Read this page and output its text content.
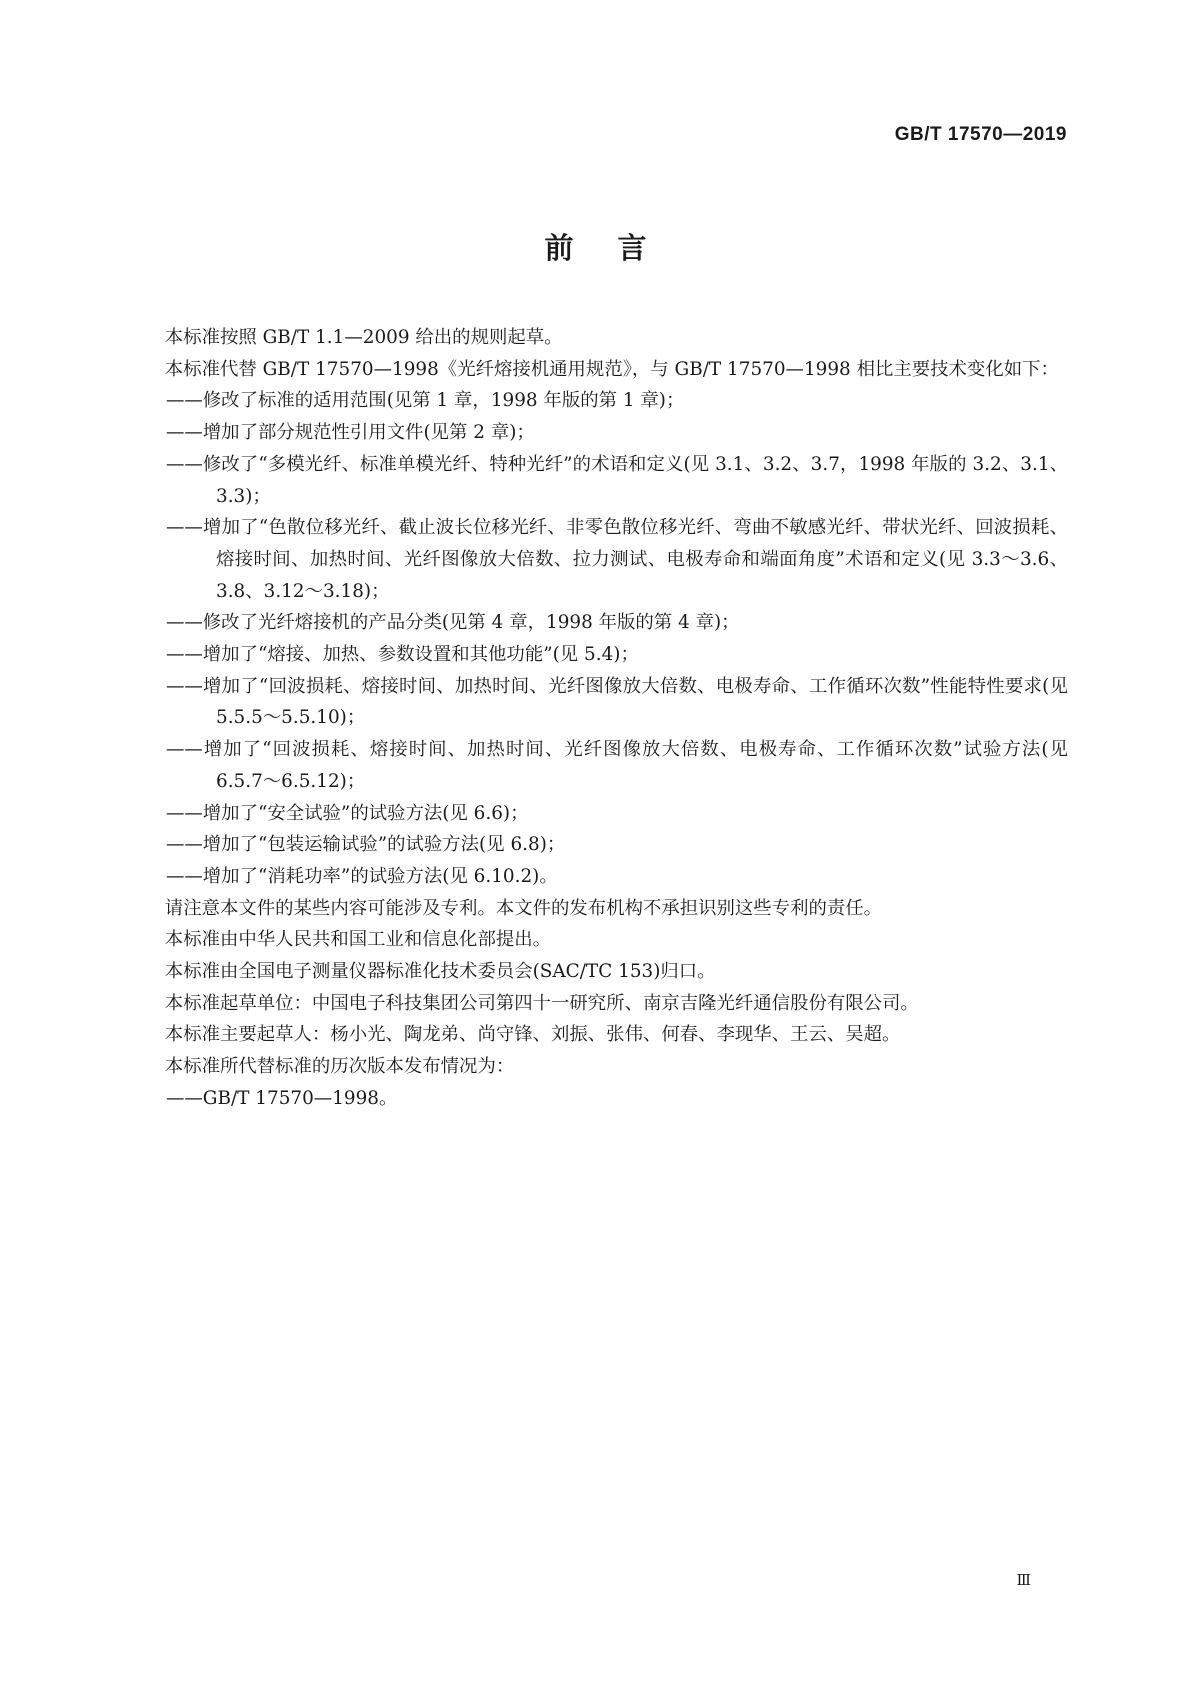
GB/T 17570—2019
前言

本标准按照 GB/T 1.1—2009 给出的规则起草。

本标准代替 GB/T 17570—1998《光纤熔接机通用规范》，与 GB/T 17570—1998 相比主要技术变化如下：

——修改了标准的适用范围(见第 1 章，1998 年版的第 1 章)；

——增加了部分规范性引用文件(见第 2 章)；

——修改了“多模光纤、标准单模光纤、特种光纤”的术语和定义(见 3.1、3.2、3.7，1998 年版的 3.2、3.1、3.3)；

——增加了“色散位移光纤、截止波长位移光纤、非零色散位移光纤、弯曲不敏感光纤、带状光纤、回波损耗、熔接时间、加热时间、光纤图像放大倍数、拉力测试、电极寿命和端面角度”术语和定义(见 3.3～3.6、3.8、3.12～3.18)；

——修改了光纤熔接机的产品分类(见第 4 章，1998 年版的第 4 章)；

——增加了“熔接、加热、参数设置和其他功能”(见 5.4)；

——增加了“回波损耗、熔接时间、加热时间、光纤图像放大倍数、电极寿命、工作循环次数”性能特性要求(见 5.5.5～5.5.10)；

——增加了“回波损耗、熔接时间、加热时间、光纤图像放大倍数、电极寿命、工作循环次数”试验方法(见 6.5.7～6.5.12)；

——增加了“安全试验”的试验方法(见 6.6)；

——增加了“包装运输试验”的试验方法(见 6.8)；

——增加了“消耗功率”的试验方法(见 6.10.2)。

请注意本文件的某些内容可能涉及专利。本文件的发布机构不承担识别这些专利的责任。

本标准由中华人民共和国工业和信息化部提出。

本标准由全国电子测量仪器标准化技术委员会(SAC/TC 153)归口。

本标准起草单位：中国电子科技集团公司第四十一研究所、南京吉隆光纤通信股份有限公司。

本标准主要起草人：杨小光、陶龙弟、尚守锋、刘振、张伟、何春、李现华、王云、吴超。

本标准所代替标准的历次版本发布情况为：

——GB/T 17570—1998。

Ⅲ
